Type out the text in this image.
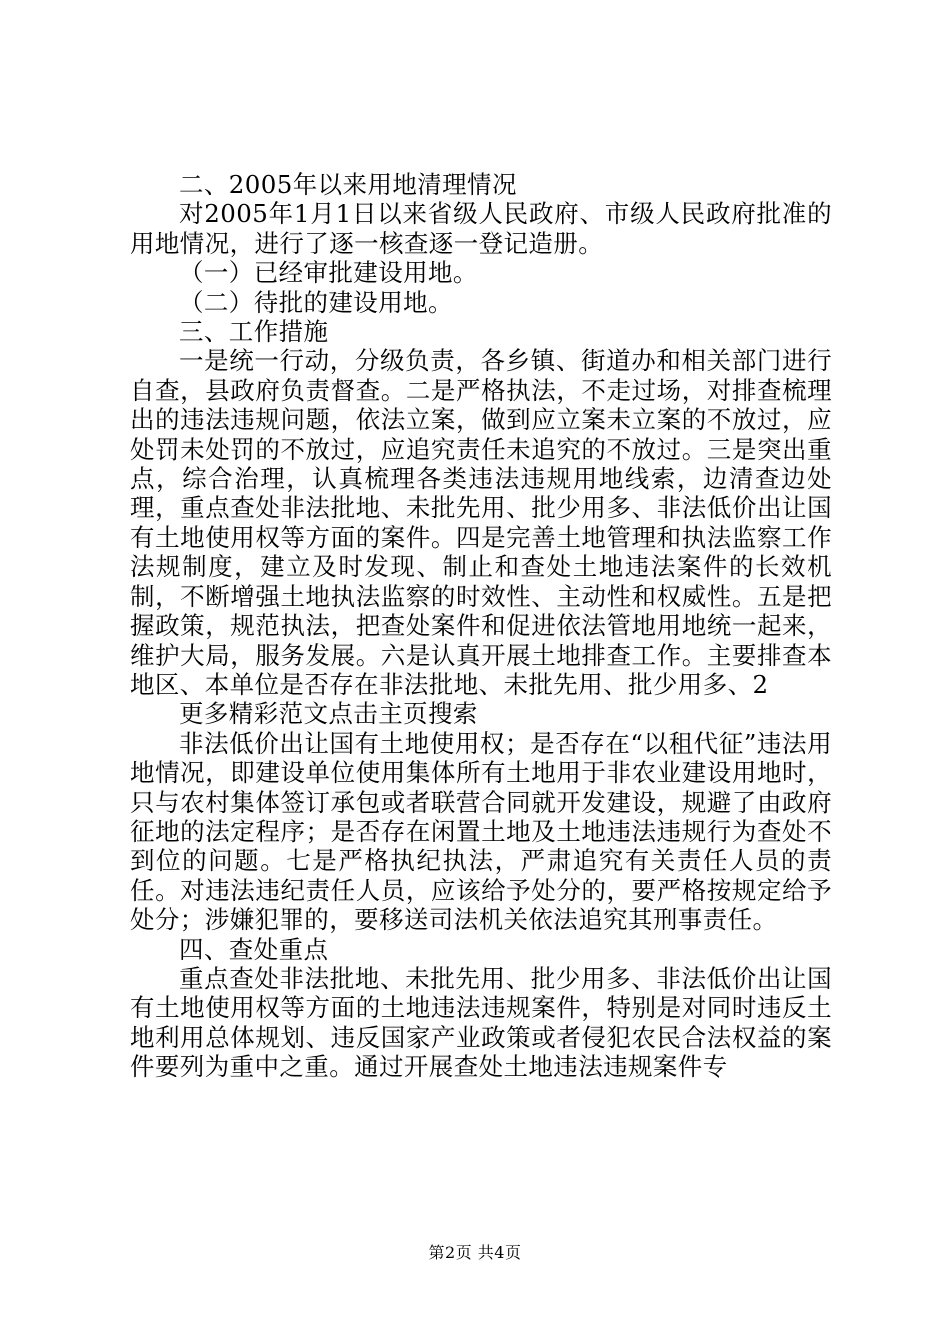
二、2005年以来用地清理情况

对2005年1月1日以来省级人民政府、市级人民政府批准的用地情况，进行了逐一核查逐一登记造册。

（一）已经审批建设用地。

（二）待批的建设用地。

三、工作措施

一是统一行动，分级负责，各乡镇、街道办和相关部门进行自查，县政府负责督查。二是严格执法，不走过场，对排查梳理出的违法违规问题，依法立案，做到应立案未立案的不放过，应处罚未处罚的不放过，应追究责任未追究的不放过。三是突出重点，综合治理，认真梳理各类违法违规用地线索，边清查边处理，重点查处非法批地、未批先用、批少用多、非法低价出让国有土地使用权等方面的案件。四是完善土地管理和执法监察工作法规制度，建立及时发现、制止和查处土地违法案件的长效机制，不断增强土地执法监察的时效性、主动性和权威性。五是把握政策，规范执法，把查处案件和促进依法管地用地统一起来，维护大局，服务发展。六是认真开展土地排查工作。主要排查本地区、本单位是否存在非法批地、未批先用、批少用多、2

更多精彩范文点击主页搜索

非法低价出让国有土地使用权；是否存在“以租代征”违法用地情况，即建设单位使用集体所有土地用于非农业建设用地时，只与农村集体签订承包或者联营合同就开发建设，规避了由政府征地的法定程序；是否存在闲置土地及土地违法违规行为查处不到位的问题。七是严格执纪执法，严肃追究有关责任人员的责任。对违法违纪责任人员，应该给予处分的，要严格按规定给予处分；涉嫌犯罪的，要移送司法机关依法追究其刑事责任。

四、查处重点

重点查处非法批地、未批先用、批少用多、非法低价出让国有土地使用权等方面的土地违法违规案件，特别是对同时违反土地利用总体规划、违反国家产业政策或者侵犯农民合法权益的案件要列为重中之重。通过开展查处土地违法违规案件专

第2页 共4页
